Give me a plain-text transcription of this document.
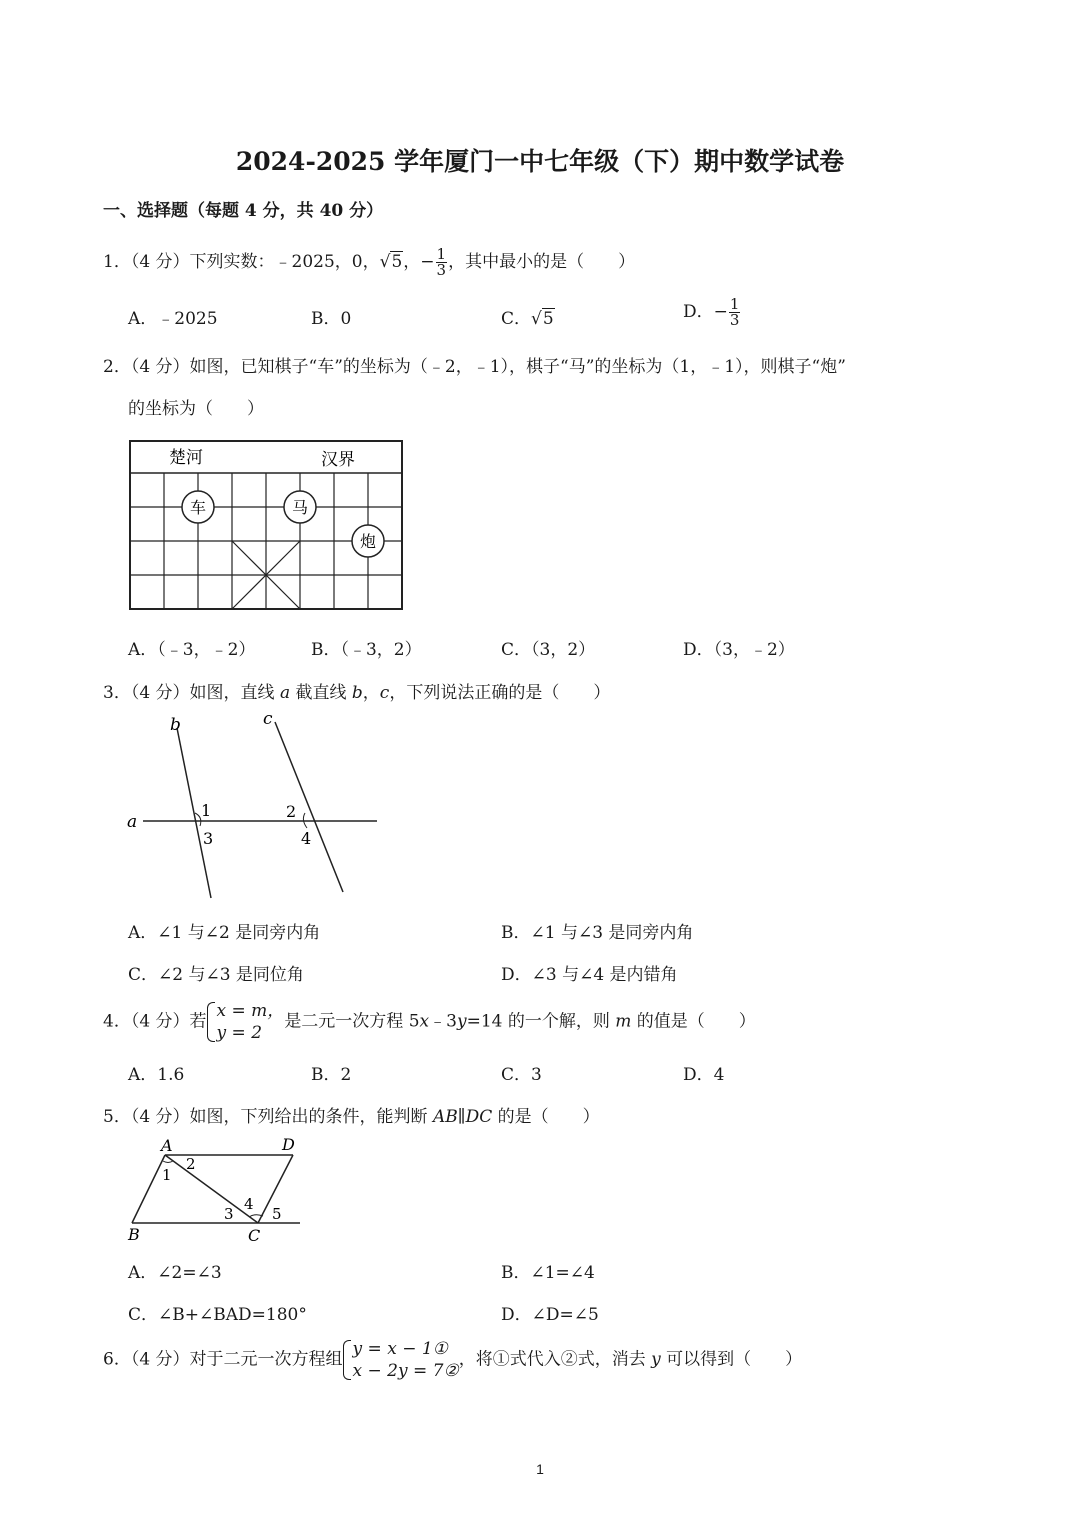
2024-2025 学年厦门一中七年级（下）期中数学试卷
一、选择题（每题 4 分，共 40 分）
1．（4 分）下列实数：﹣2025，0，√5，− $\frac{1}{3}$ ，其中最小的是（　　）
A．﹣2025	B．0	C．√5	D．− $\frac{1}{3}$
2．（4 分）如图，已知棋子“车”的坐标为（﹣2，﹣1），棋子“马”的坐标为（1，﹣1），则棋子“炮”
的坐标为（　　）
楚河	汉界
车	马
炮
A．（﹣3，﹣2）	B．（﹣3，2）	C．（3，2）	D．（3，﹣2）
3．（4 分）如图，直线 a 截直线 b，c，下列说法正确的是（　　）
a
b	c
1
3
2
4
A．∠1 与∠2 是同旁内角	B．∠1 与∠3 是同旁内角
C．∠2 与∠3 是同位角	D．∠3 与∠4 是内错角
4．（4 分）若
x = m，
y = 2
是二元一次方程 5x﹣3y=14 的一个解，则 m 的值是（　　）
A．1.6	B．2	C．3	D．4
5．（4 分）如图，下列给出的条件，能判断 AB∥DC 的是（　　）
A	D
B	C
1
2
3
4
5
A．∠2=∠3	B．∠1=∠4
C．∠B+∠BAD=180°	D．∠D=∠5
6．（4 分）对于二元一次方程组
y = x − 1①
x − 2y = 7②
，将①式代入②式，消去 y 可以得到（　　）
1
